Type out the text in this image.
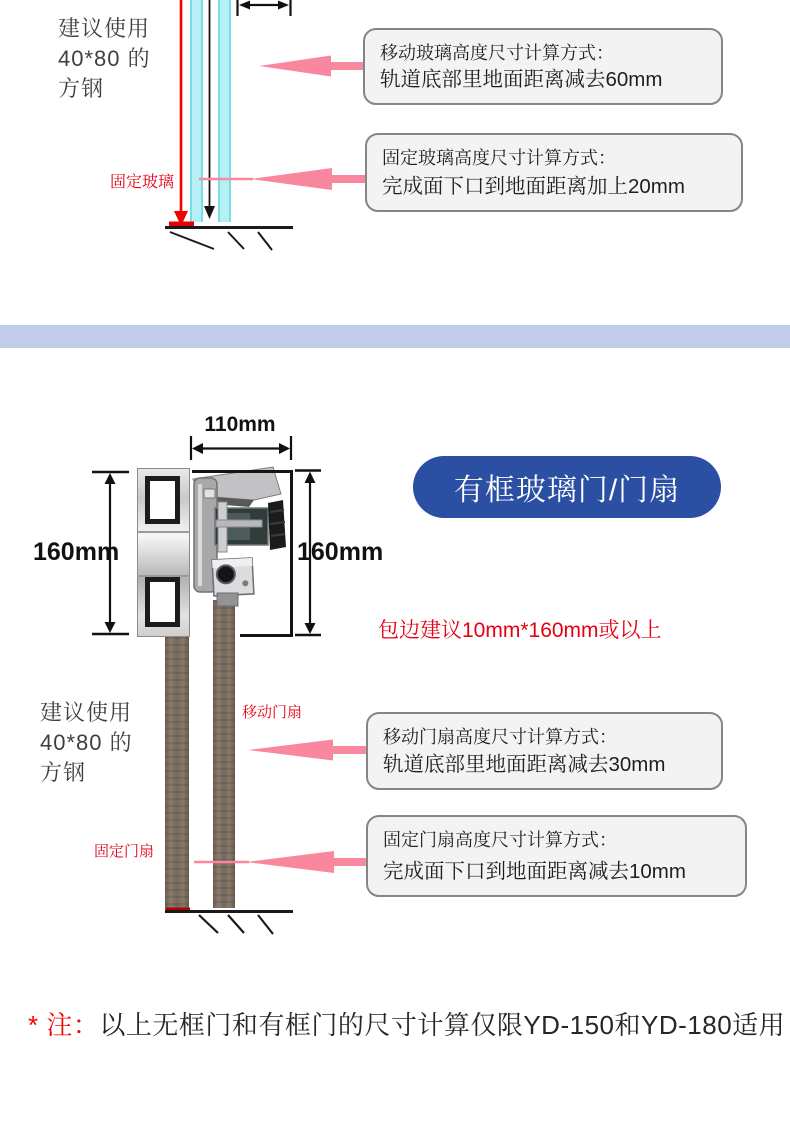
建议使用
40*80 的
方钢
固定玻璃
移动玻璃高度尺寸计算方式：
轨道底部里地面距离减去60mm
固定玻璃高度尺寸计算方式：
完成面下口到地面距离加上20mm
110mm
160mm	160mm
有框玻璃门/门扇
包边建议10mm*160mm或以上
建议使用
40*80 的
方钢
移动门扇
固定门扇
移动门扇高度尺寸计算方式：
轨道底部里地面距离减去30mm
固定门扇高度尺寸计算方式：
完成面下口到地面距离减去10mm
* 注：以上无框门和有框门的尺寸计算仅限YD-150和YD-180适用
